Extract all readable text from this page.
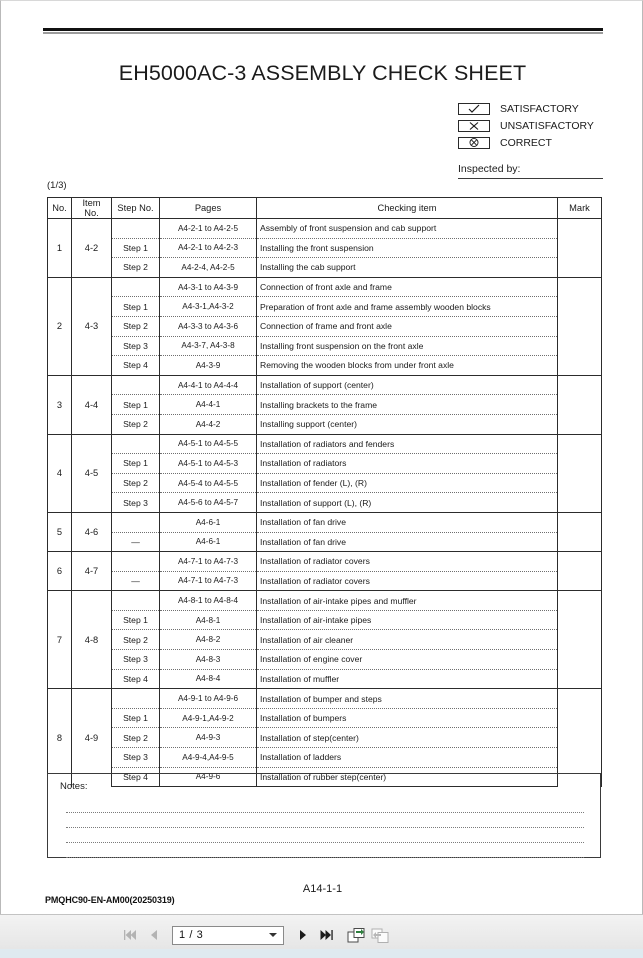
EH5000AC-3 ASSEMBLY CHECK SHEET
SATISFACTORY
UNSATISFACTORY
CORRECT
Inspected by:
(1/3)
No.	Item No.	Step No.	Pages	Checking item	Mark
1	4-2		A4-2-1 to A4-2-5	Assembly of front suspension and cab support	
		Step 1	A4-2-1 to A4-2-3	Installing the front suspension	
		Step 2	A4-2-4, A4-2-5	Installing the cab support	
2	4-3		A4-3-1 to A4-3-9	Connection of front axle and frame	
		Step 1	A4-3-1,A4-3-2	Preparation of front axle and frame assembly wooden blocks	
		Step 2	A4-3-3 to A4-3-6	Connection of frame and front axle	
		Step 3	A4-3-7, A4-3-8	Installing front suspension on the front axle	
		Step 4	A4-3-9	Removing the wooden blocks from under front axle	
3	4-4		A4-4-1 to A4-4-4	Installation of support (center)	
		Step 1	A4-4-1	Installing brackets to the frame	
		Step 2	A4-4-2	Installing support (center)	
4	4-5		A4-5-1 to A4-5-5	Installation of radiators and fenders	
		Step 1	A4-5-1 to A4-5-3	Installation of radiators	
		Step 2	A4-5-4 to A4-5-5	Installation of fender (L), (R)	
		Step 3	A4-5-6 to A4-5-7	Installation of support (L), (R)	
5	4-6		A4-6-1	Installation of fan drive	
		—	A4-6-1	Installation of fan drive	
6	4-7		A4-7-1 to A4-7-3	Installation of radiator covers	
		—	A4-7-1 to A4-7-3	Installation of radiator covers	
7	4-8		A4-8-1 to A4-8-4	Installation of air-intake pipes and muffler	
		Step 1	A4-8-1	Installation of air-intake pipes	
		Step 2	A4-8-2	Installation of air cleaner	
		Step 3	A4-8-3	Installation of engine cover	
		Step 4	A4-8-4	Installation of muffler	
8	4-9		A4-9-1 to A4-9-6	Installation of bumper and steps	
		Step 1	A4-9-1,A4-9-2	Installation of bumpers	
		Step 2	A4-9-3	Installation of step(center)	
		Step 3	A4-9-4,A4-9-5	Installation of ladders	
		Step 4	A4-9-6	Installation of rubber step(center)	
Notes:
A14-1-1
PMQHC90-EN-AM00(20250319)
1 / 3
